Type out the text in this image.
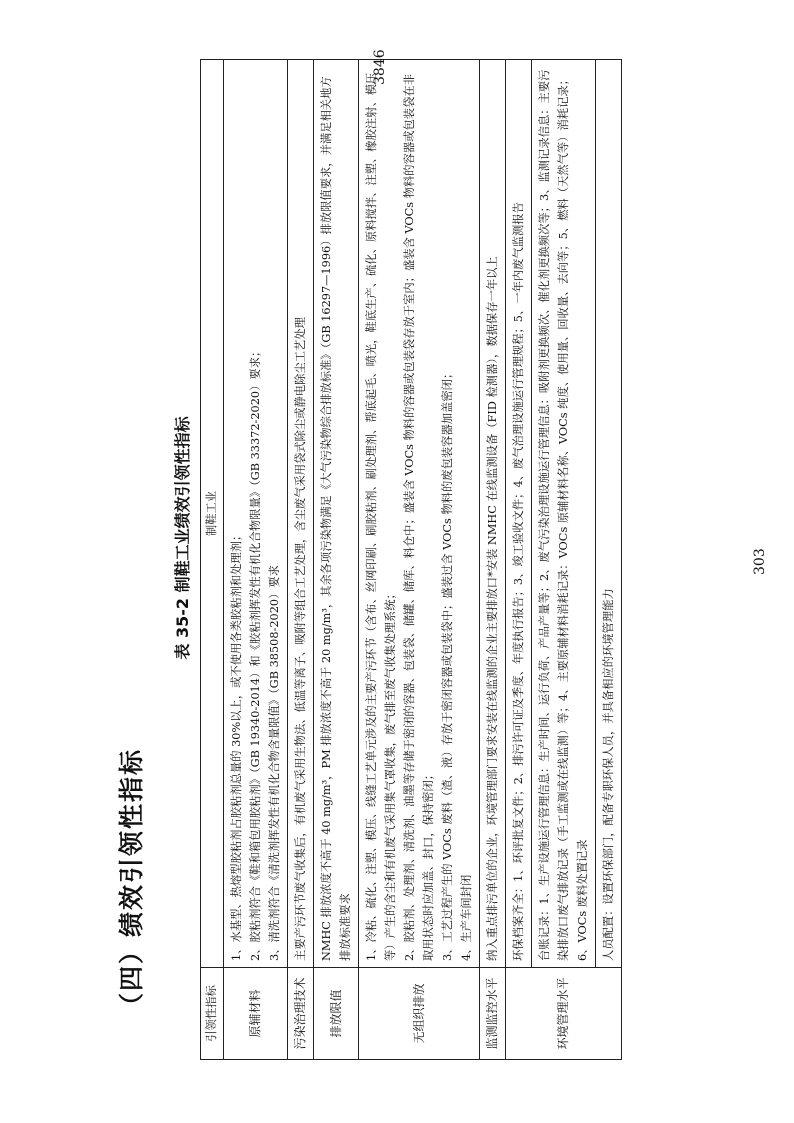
（四）绩效引领性指标
表 35-2 制鞋工业绩效引领性指标
引领性指标	制鞋工业
原辅材料	1、水基型、热熔型胶粘剂占胶粘剂总量的 30%以上，或不使用各类胶粘剂和处理剂； 2、胶粘剂符合《鞋和箱包用胶粘剂》（GB 19340-2014）和《胶粘剂挥发性有机化合物限量》（GB 33372-2020）要求； 3、清洗剂符合《清洗剂挥发性有机化合物含量限值》（GB 38508-2020）要求

污染治理技术	主要产污环节废气收集后，有机废气采用生物法、低温等离子、吸附等组合工艺处理，含尘废气采用袋式除尘或静电除尘工艺处理

排放限值	NMHC 排放浓度不高于 40 mg/m³，PM 排放浓度不高于 20 mg/m³，其余各项污染物满足《大气污染物综合排放标准》（GB 16297—1996）排放限值要求，并满足相关地方排放标准要求

无组织排放	1、冷粘、硫化、注塑、模压、线缝工艺单元涉及的主要产污环节（含布、丝网印刷、刷胶粘剂、刷处理剂、帮底起毛、喷光，鞋底生产、硫化、原料搅拌、注塑、橡胶注射、模压等）产生的含尘和有机废气采用集气罩收集，废气排至废气收集处理系统； 2、胶粘剂、处理剂、清洗剂、油墨等存储于密闭的容器、包装袋、储罐、储库、料仓中；盛装含 VOCs 物料的容器或包装袋存放于室内；盛装含 VOCs 物料的容器或包装袋在非取用状态时应加盖、封口，保持密闭； 3、工艺过程产生的 VOCs 废料（渣、液）存放于密闭容器或包装袋中；盛装过含 VOCs 物料的废包装容器加盖密闭； 4、生产车间封闭

监测监控水平	纳入重点排污单位的企业，环境管理部门要求安装在线监测的企业主要排放口*安装 NMHC 在线监测设备（FID 检测器），数据保存一年以上

环境管理水平	环保档案齐全：1、环评批复文件；2、排污许可证及季度、年度执行报告；3、竣工验收文件；4、废气治理设施运行管理规程；5、一年内废气监测报告

	台账记录：1、生产设施运行管理信息：生产时间、运行负荷、产品产量等；2、废气污染治理设施运行管理信息：吸附剂更换频次、催化剂更换频次等；3、监测记录信息：主要污染排放口废气排放记录（手工监测或在线监测）等；4、主要原辅材料消耗记录：VOCs 原辅材料名称、VOCs 纯度、使用量、回收量、去向等；5、燃料（天然气等）消耗记录；6、VOCs 废料处置记录

	人员配置：设置环保部门，配备专职环保人员，并具备相应的环境管理能力
3846
303
